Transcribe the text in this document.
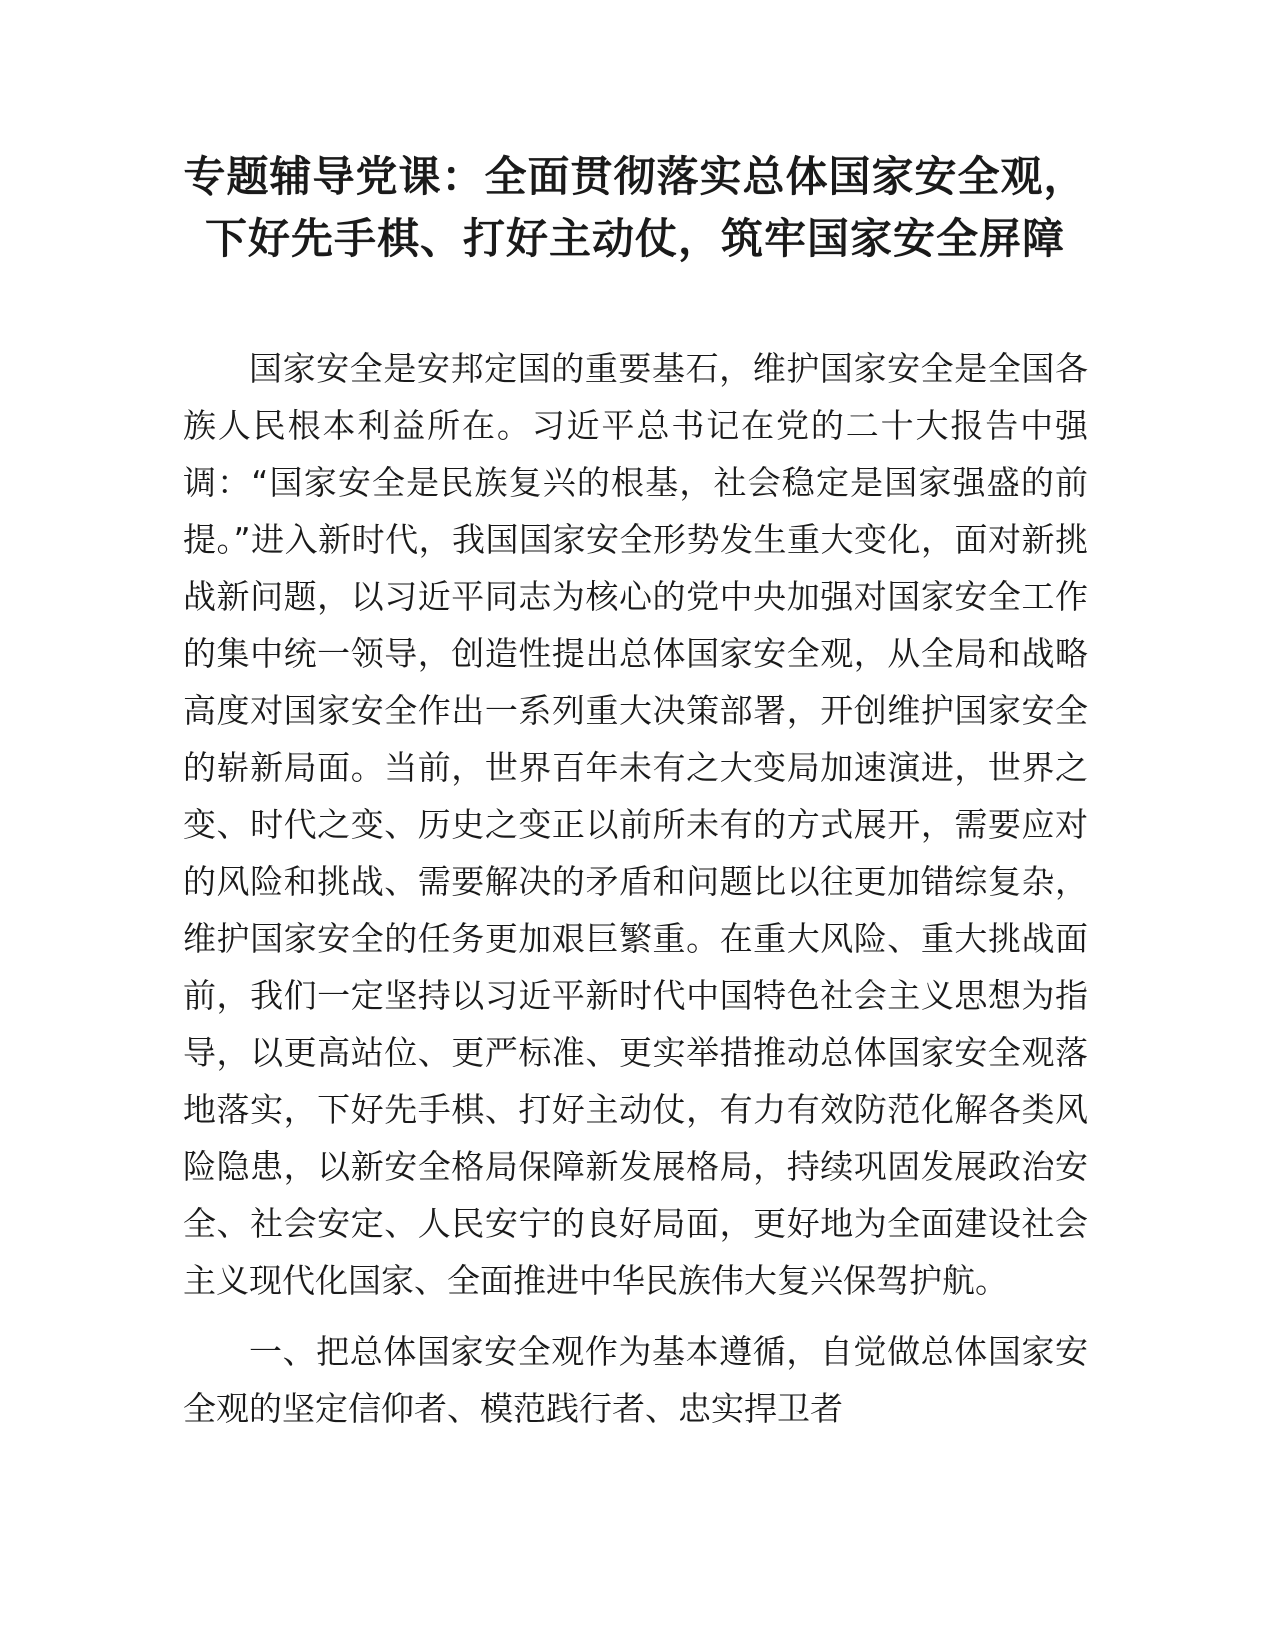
专题辅导党课：全面贯彻落实总体国家安全观，下好先手棋、打好主动仗，筑牢国家安全屏障

国家安全是安邦定国的重要基石，维护国家安全是全国各族人民根本利益所在。习近平总书记在党的二十大报告中强调：“国家安全是民族复兴的根基，社会稳定是国家强盛的前提。”进入新时代，我国国家安全形势发生重大变化，面对新挑战新问题，以习近平同志为核心的党中央加强对国家安全工作的集中统一领导，创造性提出总体国家安全观，从全局和战略高度对国家安全作出一系列重大决策部署，开创维护国家安全的崭新局面。当前，世界百年未有之大变局加速演进，世界之变、时代之变、历史之变正以前所未有的方式展开，需要应对的风险和挑战、需要解决的矛盾和问题比以往更加错综复杂，维护国家安全的任务更加艰巨繁重。在重大风险、重大挑战面前，我们一定坚持以习近平新时代中国特色社会主义思想为指导，以更高站位、更严标准、更实举措推动总体国家安全观落地落实，下好先手棋、打好主动仗，有力有效防范化解各类风险隐患，以新安全格局保障新发展格局，持续巩固发展政治安全、社会安定、人民安宁的良好局面，更好地为全面建设社会主义现代化国家、全面推进中华民族伟大复兴保驾护航。

一、把总体国家安全观作为基本遵循，自觉做总体国家安全观的坚定信仰者、模范践行者、忠实捍卫者
